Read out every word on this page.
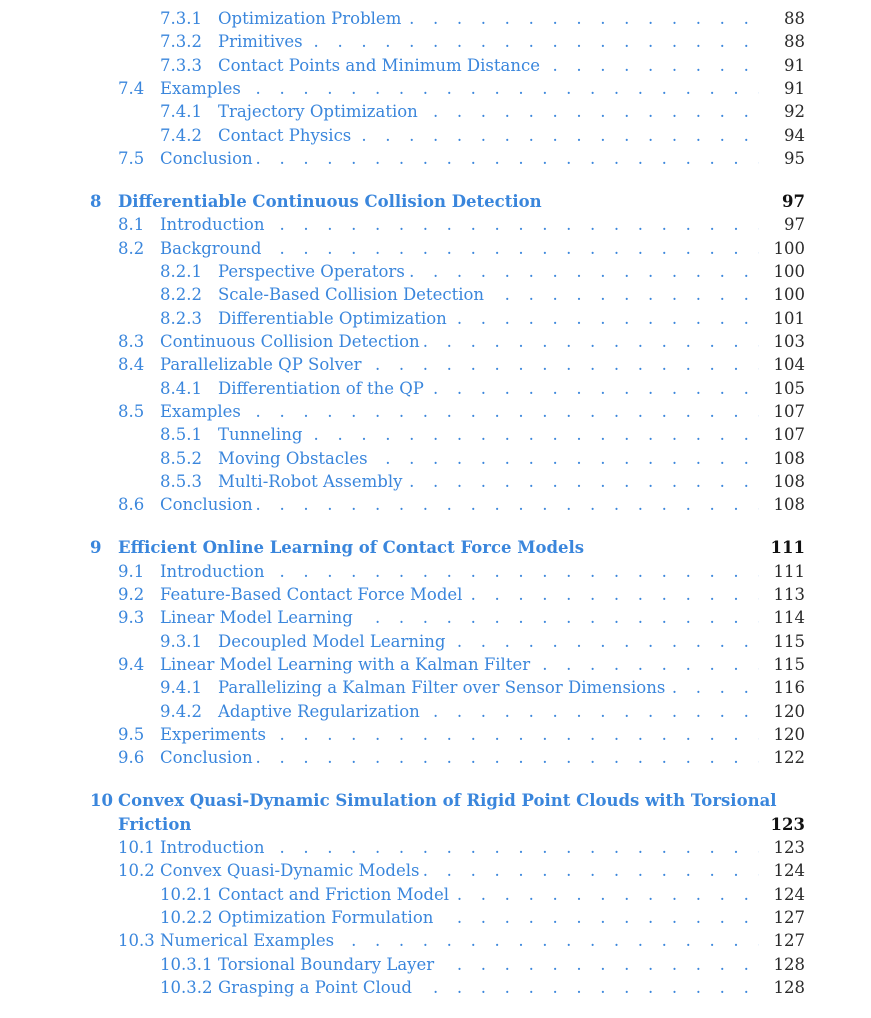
7.3.1 . . . Optimization Problem	88
7.3.2 . . . Primitives	88
7.3.3 . . . Contact Points and Minimum Distance	91
7.4 . . . Examples	91
7.4.1 . . . Trajectory Optimization	92
7.4.2 . . . Contact Physics	94
7.5 . . . Conclusion	95
8 Differentiable Continuous Collision Detection	97
8.1 . . . Introduction	97
8.2 . . . Background	100
8.2.1 . . . Perspective Operators	100
8.2.2 . . . Scale-Based Collision Detection	100
8.2.3 . . . Differentiable Optimization	101
8.3 . . . Continuous Collision Detection	103
8.4 . . . Parallelizable QP Solver	104
8.4.1 . . . Differentiation of the QP	105
8.5 . . . Examples	107
8.5.1 . . . Tunneling	107
8.5.2 . . . Moving Obstacles	108
8.5.3 . . . Multi-Robot Assembly	108
8.6 . . . Conclusion	108
9 Efficient Online Learning of Contact Force Models	111
9.1 . . . Introduction	111
9.2 . . . Feature-Based Contact Force Model	113
9.3 . . . Linear Model Learning	114
9.3.1 . . . Decoupled Model Learning	115
9.4 . . . Linear Model Learning with a Kalman Filter	115
9.4.1 . . . Parallelizing a Kalman Filter over Sensor Dimensions	116
9.4.2 . . . Adaptive Regularization	120
9.5 . . . Experiments	120
9.6 . . . Conclusion	122
10 Convex Quasi-Dynamic Simulation of Rigid Point Clouds with Torsional
Friction	123
10.1 . . . Introduction	123
10.2 . . . Convex Quasi-Dynamic Models	124
10.2.1 . . . Contact and Friction Model	124
10.2.2 . . . Optimization Formulation	127
10.3 . . . Numerical Examples	127
10.3.1 . . . Torsional Boundary Layer	128
10.3.2 . . . Grasping a Point Cloud	128
